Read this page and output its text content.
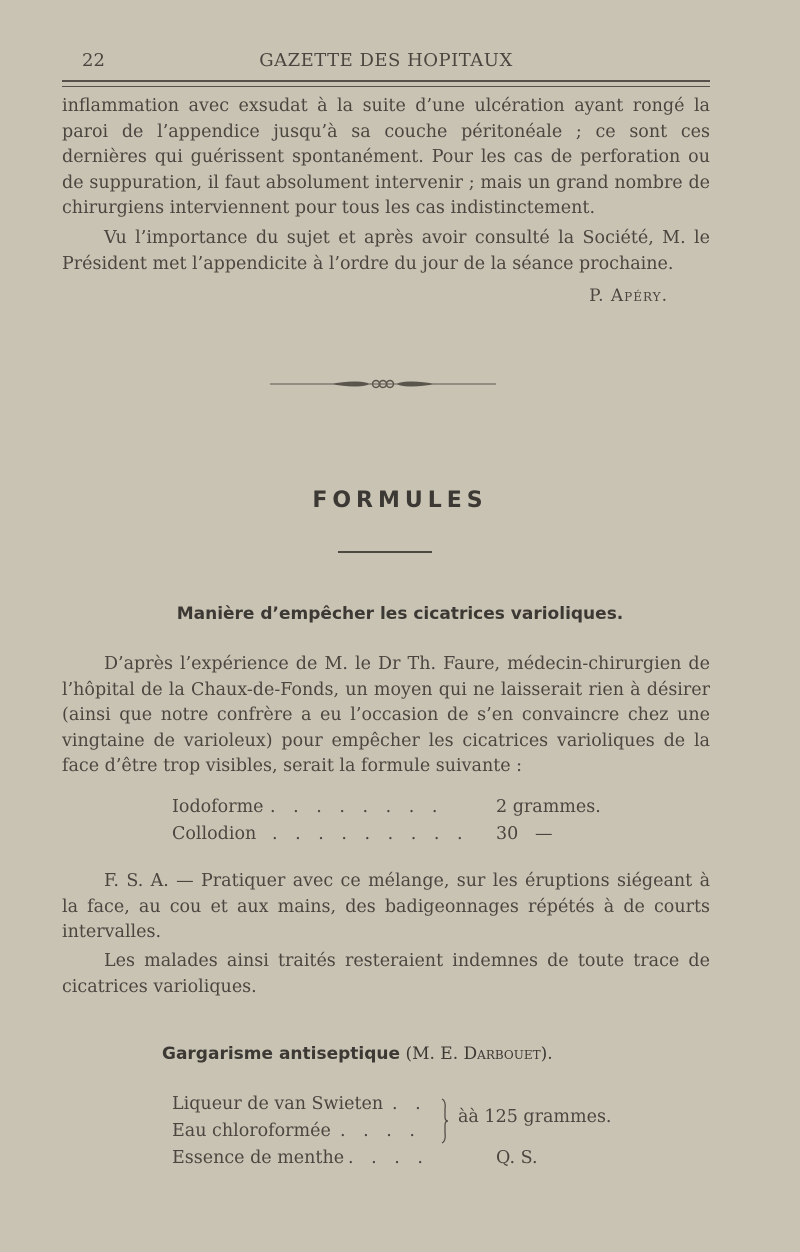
22	GAZETTE DES HOPITAUX

inflammation avec exsudat à la suite d’une ulcération ayant rongé la paroi de l’appendice jusqu’à sa couche péritonéale ; ce sont ces dernières qui guérissent spontanément. Pour les cas de perforation ou de suppuration, il faut absolument intervenir ; mais un grand nombre de chirurgiens interviennent pour tous les cas indistinctement.

Vu l’importance du sujet et après avoir consulté la Société, M. le Président met l’appendicite à l’ordre du jour de la séance prochaine.

P. Apéry.
FORMULES
Manière d’empêcher les cicatrices varioliques.

D’après l’expérience de M. le Dr Th. Faure, médecin-chirurgien de l’hôpital de la Chaux-de-Fonds, un moyen qui ne laisserait rien à désirer (ainsi que notre confrère a eu l’occasion de s’en convaincre chez une vingtaine de varioleux) pour empêcher les cicatrices varioliques de la face d’être trop visibles, serait la formule suivante :

Iodoforme . . . . . . . .	2 grammes.
Collodion . . . . . . . . . 30   —

F. S. A. — Pratiquer avec ce mélange, sur les éruptions siégeant à la face, au cou et aux mains, des badigeonnages répétés à de courts intervalles.

Les malades ainsi traités resteraient indemnes de toute trace de cicatrices varioliques.

Gargarisme antiseptique (M. E. Darbouet).
Liqueur de van Swieten . .
Eau chloroformée . . . .
àà 125 grammes.
Essence de menthe . . . .	Q. S.
